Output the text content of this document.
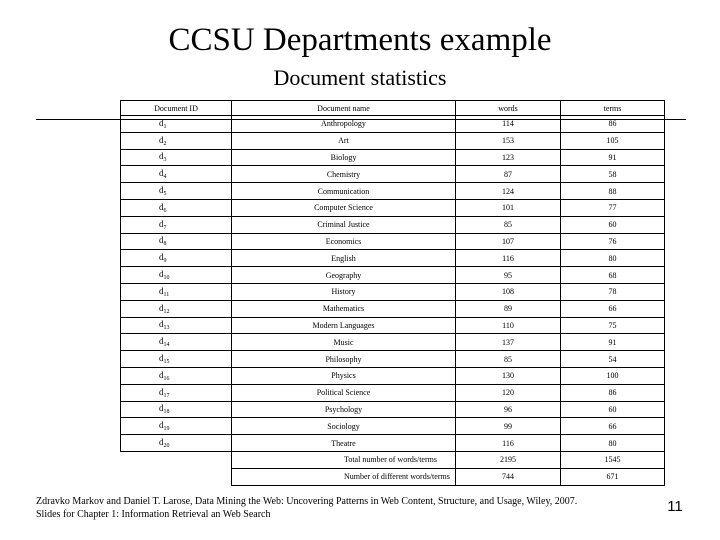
CCSU Departments example
Document statistics
Document ID	Document name	words	terms
$d_1$	Anthropology	114	86
$d_2$	Art	153	105
$d_3$	Biology	123	91
$d_4$	Chemistry	87	58
$d_5$	Communication	124	88
$d_6$	Computer Science	101	77
$d_7$	Criminal Justice	85	60
$d_8$	Economics	107	76
$d_9$	English	116	80
$d_{10}$	Geography	95	68
$d_{11}$	History	108	78
$d_{12}$	Mathematics	89	66
$d_{13}$	Modern Languages	110	75
$d_{14}$	Music	137	91
$d_{15}$	Philosophy	85	54
$d_{16}$	Physics	130	100
$d_{17}$	Political Science	120	86
$d_{18}$	Psychology	96	60
$d_{19}$	Sociology	99	66
$d_{20}$	Theatre	116	80
	Total number of words/terms	2195	1545
	Number of different words/terms	744	671
Zdravko Markov and Daniel T. Larose, Data Mining the Web: Uncovering Patterns in Web Content, Structure, and Usage, Wiley, 2007.
Slides for Chapter 1: Information Retrieval an Web Search	11
